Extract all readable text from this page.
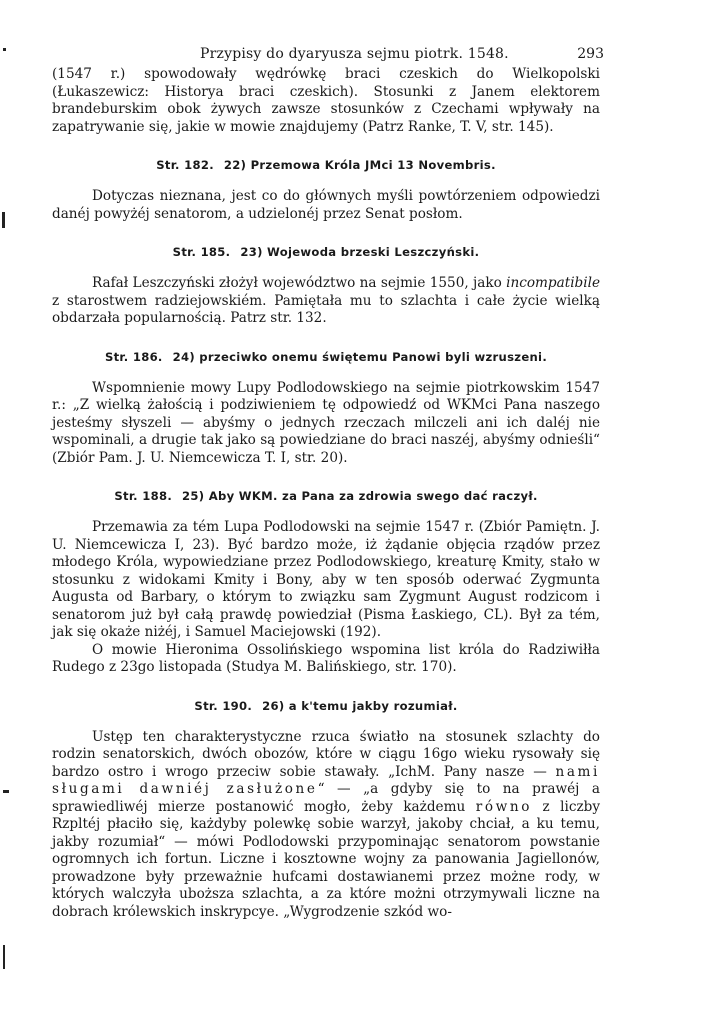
Przypisy do dyaryusza sejmu piotrk. 1548.	293

(1547 r.) spowodowały wędrówkę braci czeskich do Wielkopolski (Łukaszewicz: Historya braci czeskich). Stosunki z Janem elektorem brandeburskim obok żywych zawsze stosunków z Czechami wpływały na zapatrywanie się, jakie w mowie znajdujemy (Patrz Ranke, T. V, str. 145).

Str. 182. 22) Przemowa Króla JMci 13 Novembris.

Dotyczas nieznana, jest co do głównych myśli powtórzeniem odpowiedzi danéj powyżéj senatorom, a udzielonéj przez Senat posłom.

Str. 185. 23) Wojewoda brzeski Leszczyński.

Rafał Leszczyński złożył województwo na sejmie 1550, jako incompatibile z starostwem radziejowskiém. Pamiętała mu to szlachta i całe życie wielką obdarzała popularnością. Patrz str. 132.

Str. 186. 24) przeciwko onemu świętemu Panowi byli wzruszeni.

Wspomnienie mowy Lupy Podlodowskiego na sejmie piotrkowskim 1547 r.: „Z wielką żałością i podziwieniem tę odpowiedź od WKMci Pana naszego jesteśmy słyszeli — abyśmy o jednych rzeczach milczeli ani ich daléj nie wspominali, a drugie tak jako są powiedziane do braci naszéj, abyśmy odnieśli“ (Zbiór Pam. J. U. Niemcewicza T. I, str. 20).

Str. 188. 25) Aby WKM. za Pana za zdrowia swego dać raczył.

Przemawia za tém Lupa Podlodowski na sejmie 1547 r. (Zbiór Pamiętn. J. U. Niemcewicza I, 23). Być bardzo może, iż żądanie objęcia rządów przez młodego Króla, wypowiedziane przez Podlodowskiego, kreaturę Kmity, stało w stosunku z widokami Kmity i Bony, aby w ten sposób oderwać Zygmunta Augusta od Barbary, o którym to związku sam Zygmunt August rodzicom i senatorom już był całą prawdę powiedział (Pisma Łaskiego, CL). Był za tém, jak się okaże niżéj, i Samuel Maciejowski (192).

O mowie Hieronima Ossolińskiego wspomina list króla do Radziwiłła Rudego z 23go listopada (Studya M. Balińskiego, str. 170).

Str. 190. 26) a k'temu jakby rozumiał.

Ustęp ten charakterystyczne rzuca światło na stosunek szlachty do rodzin senatorskich, dwóch obozów, które w ciągu 16go wieku rysowały się bardzo ostro i wrogo przeciw sobie stawały. „IchM. Pany nasze — nami sługami dawniéj zasłużone“ — „a gdyby się to na prawéj a sprawiedliwéj mierze postanowić mogło, żeby każdemu równo z liczby Rzpltéj płaciło się, każdyby polewkę sobie warzył, jakoby chciał, a ku temu, jakby rozumiał“ — mówi Podlodowski przypominając senatorom powstanie ogromnych ich fortun. Liczne i kosztowne wojny za panowania Jagiellonów, prowadzone były przeważnie hufcami dostawianemi przez możne rody, w których walczyła uboższa szlachta, a za które możni otrzymywali liczne na dobrach królewskich inskrypcye. „Wygrodzenie szkód wo-
